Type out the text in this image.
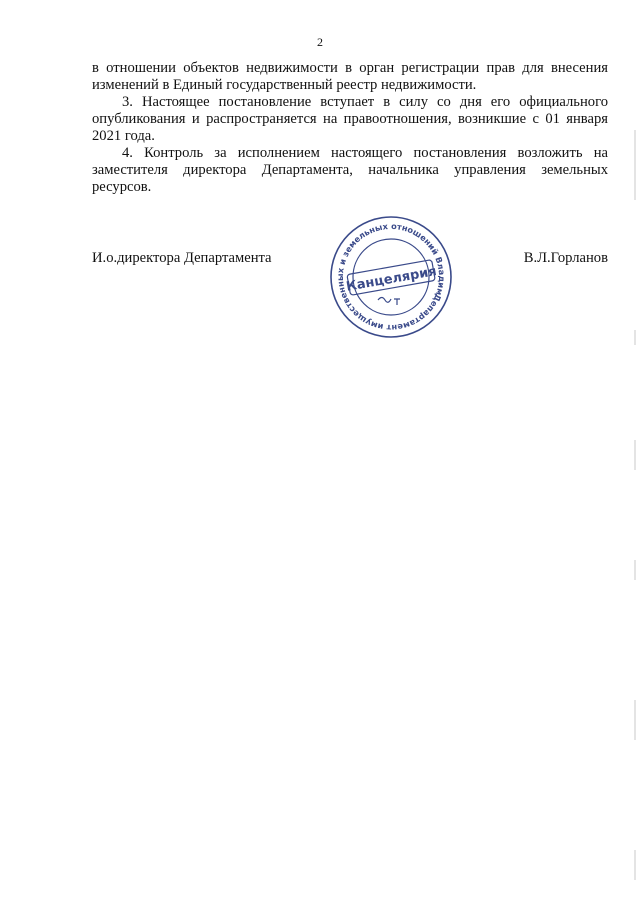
2

в отношении объектов недвижимости в орган регистрации прав для внесения изменений в Единый государственный реестр недвижимости.

3. Настоящее постановление вступает в силу со дня его официального опубликования и распространяется на правоотношения, возникшие с 01 января 2021 года.

4. Контроль за исполнением настоящего постановления возложить на заместителя директора Департамента, начальника управления земельных ресурсов.

И.о.директора Департамента	В.Л.Горланов
Департамент имущественных и земельных отношений Владимирской
Канцелярия
